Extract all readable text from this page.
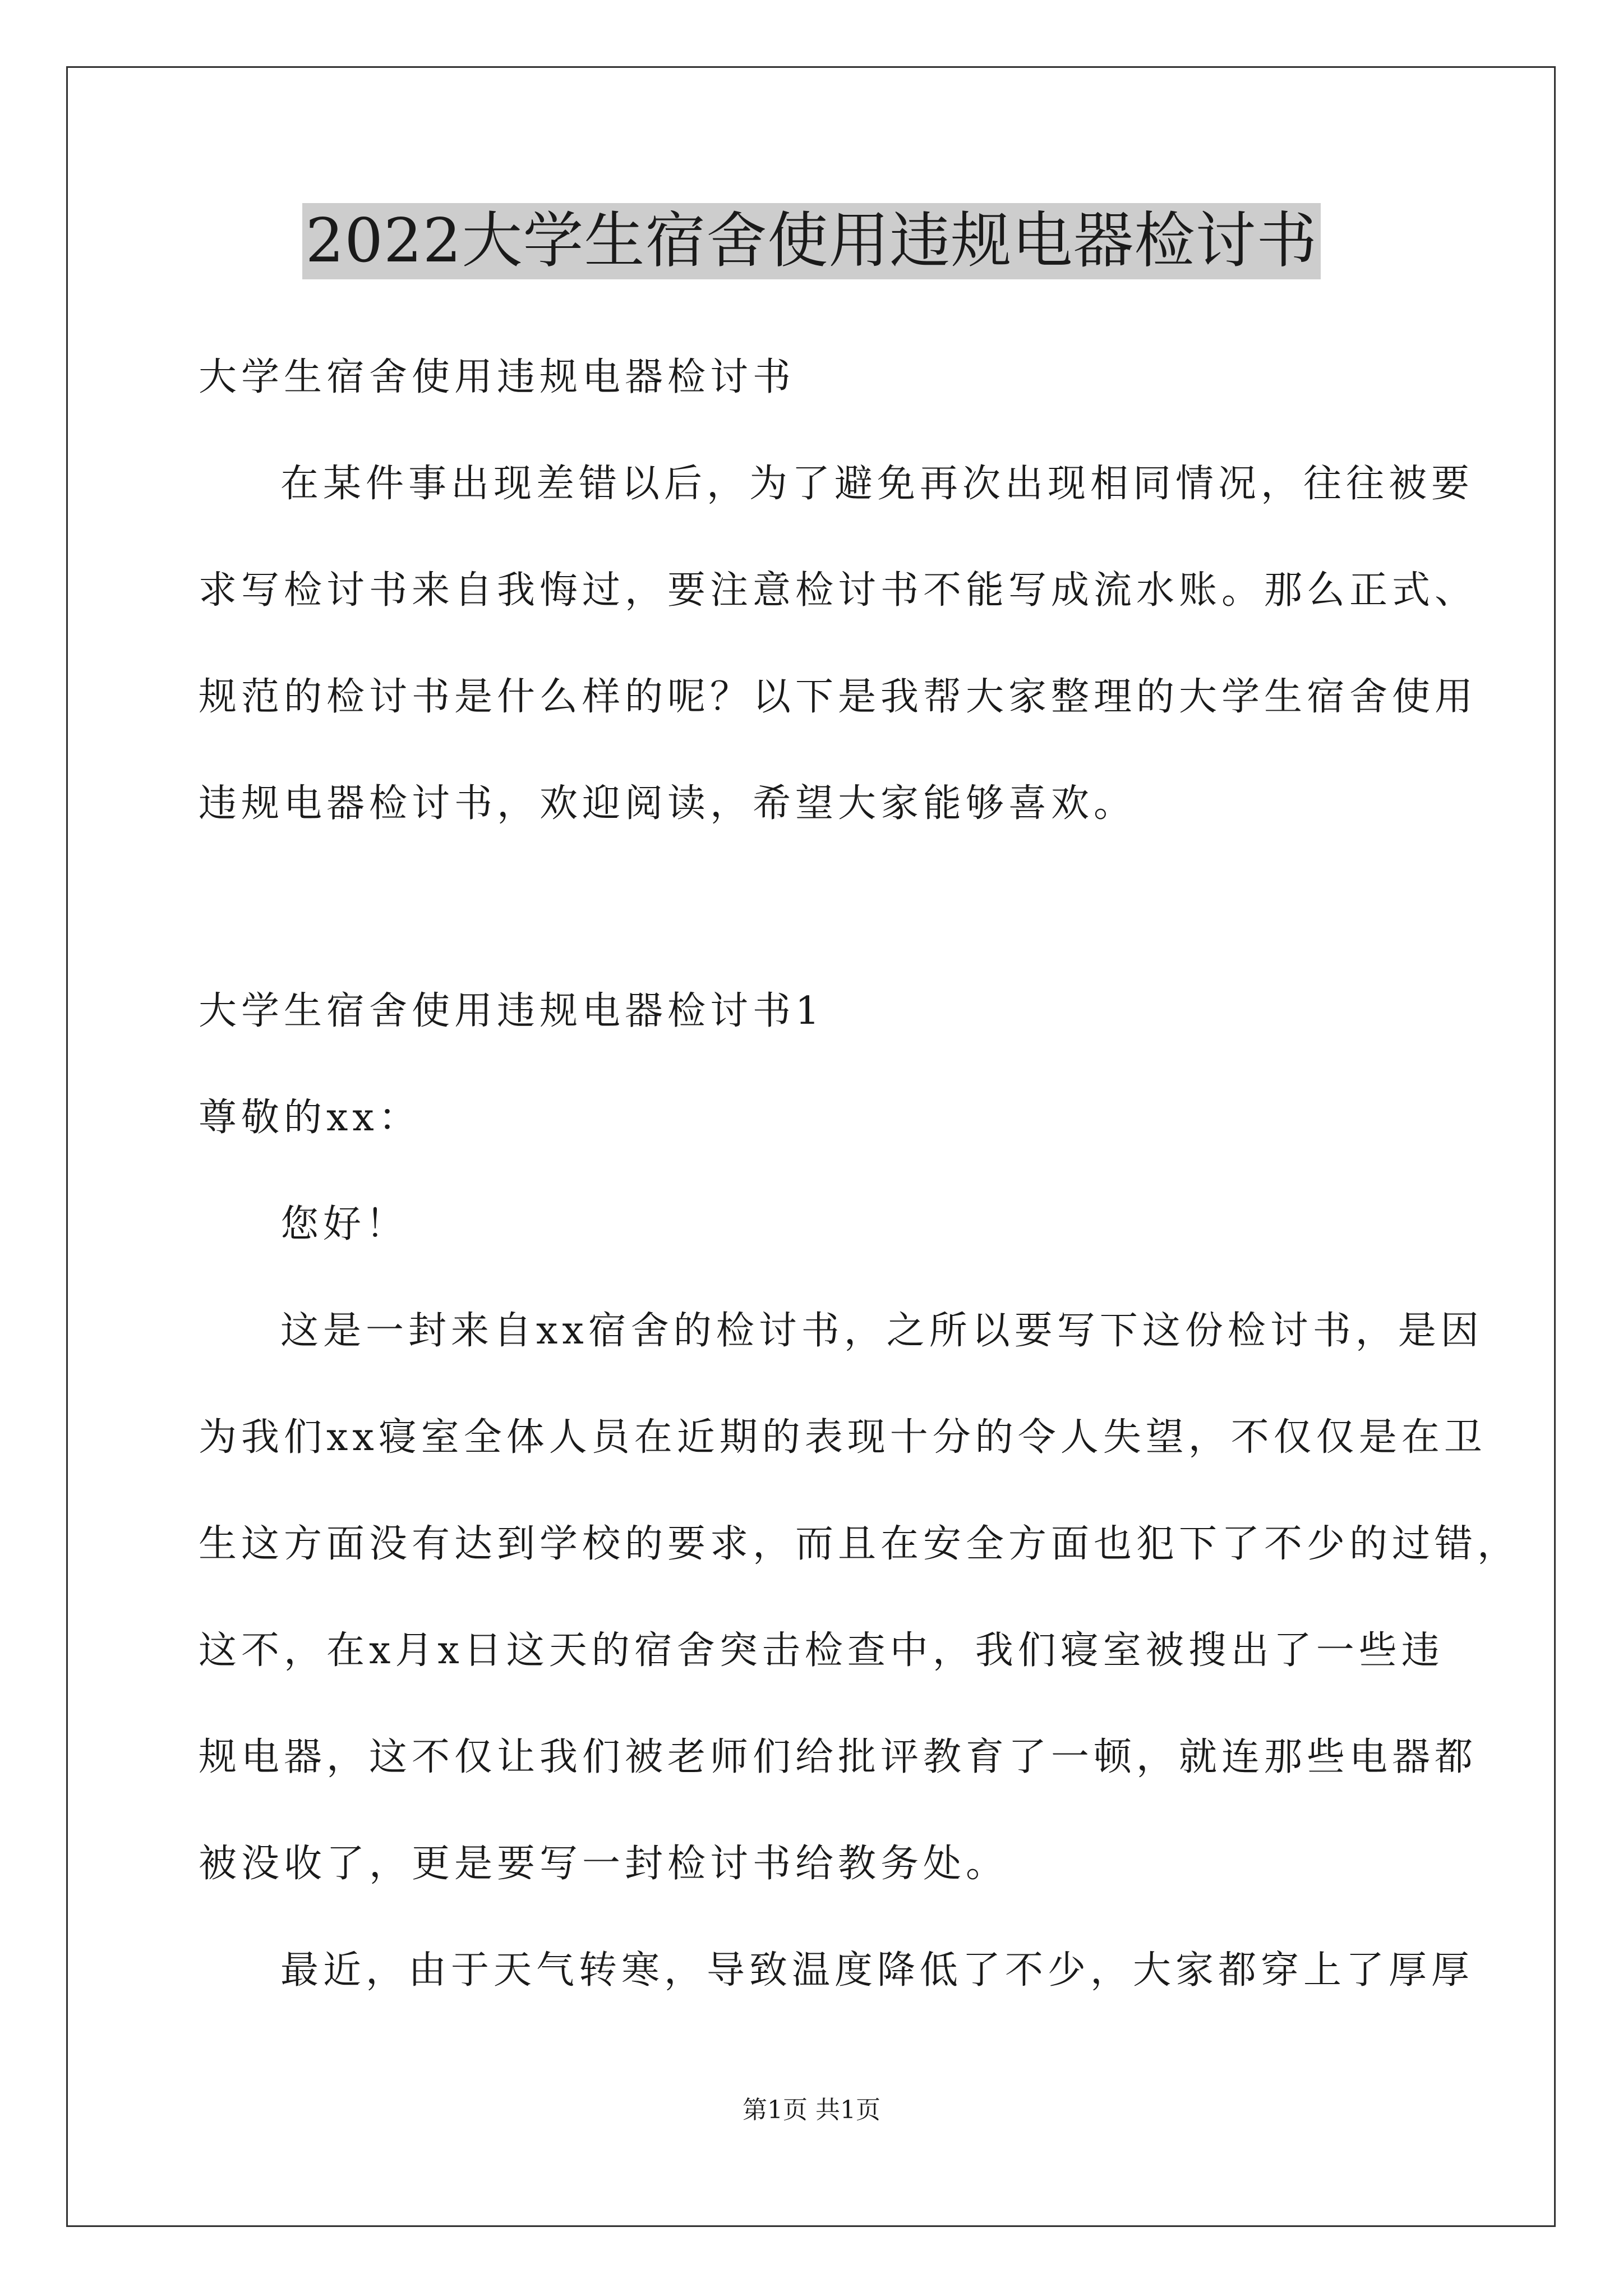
2022大学生宿舍使用违规电器检讨书
大学生宿舍使用违规电器检讨书
在某件事出现差错以后，为了避免再次出现相同情况，往往被要
求写检讨书来自我悔过，要注意检讨书不能写成流水账。那么正式、
规范的检讨书是什么样的呢？以下是我帮大家整理的大学生宿舍使用
违规电器检讨书，欢迎阅读，希望大家能够喜欢。
大学生宿舍使用违规电器检讨书1
尊敬的xx：
您好！
这是一封来自xx宿舍的检讨书，之所以要写下这份检讨书，是因
为我们xx寝室全体人员在近期的表现十分的令人失望，不仅仅是在卫
生这方面没有达到学校的要求，而且在安全方面也犯下了不少的过错，
这不，在x月x日这天的宿舍突击检查中，我们寝室被搜出了一些违
规电器，这不仅让我们被老师们给批评教育了一顿，就连那些电器都
被没收了，更是要写一封检讨书给教务处。
最近，由于天气转寒，导致温度降低了不少，大家都穿上了厚厚
第1页 共1页
